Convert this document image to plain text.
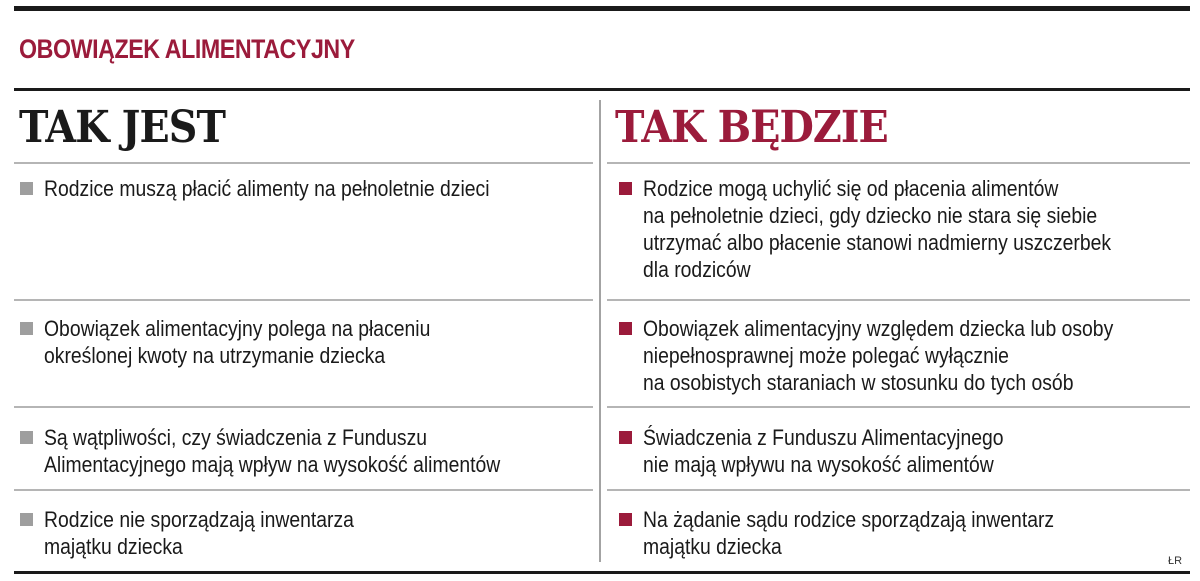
OBOWIĄZEK ALIMENTACYJNY
TAK JEST	TAK BĘDZIE
Rodzice muszą płacić alimenty na pełnoletnie dzieci
Obowiązek alimentacyjny polega na płaceniu
określonej kwoty na utrzymanie dziecka
Są wątpliwości, czy świadczenia z Funduszu
Alimentacyjnego mają wpływ na wysokość alimentów
Rodzice nie sporządzają inwentarza
majątku dziecka
Rodzice mogą uchylić się od płacenia alimentów
na pełnoletnie dzieci, gdy dziecko nie stara się siebie
utrzymać albo płacenie stanowi nadmierny uszczerbek
dla rodziców
Obowiązek alimentacyjny względem dziecka lub osoby
niepełnosprawnej może polegać wyłącznie
na osobistych staraniach w stosunku do tych osób
Świadczenia z Funduszu Alimentacyjnego
nie mają wpływu na wysokość alimentów
Na żądanie sądu rodzice sporządzają inwentarz
majątku dziecka
ŁR
